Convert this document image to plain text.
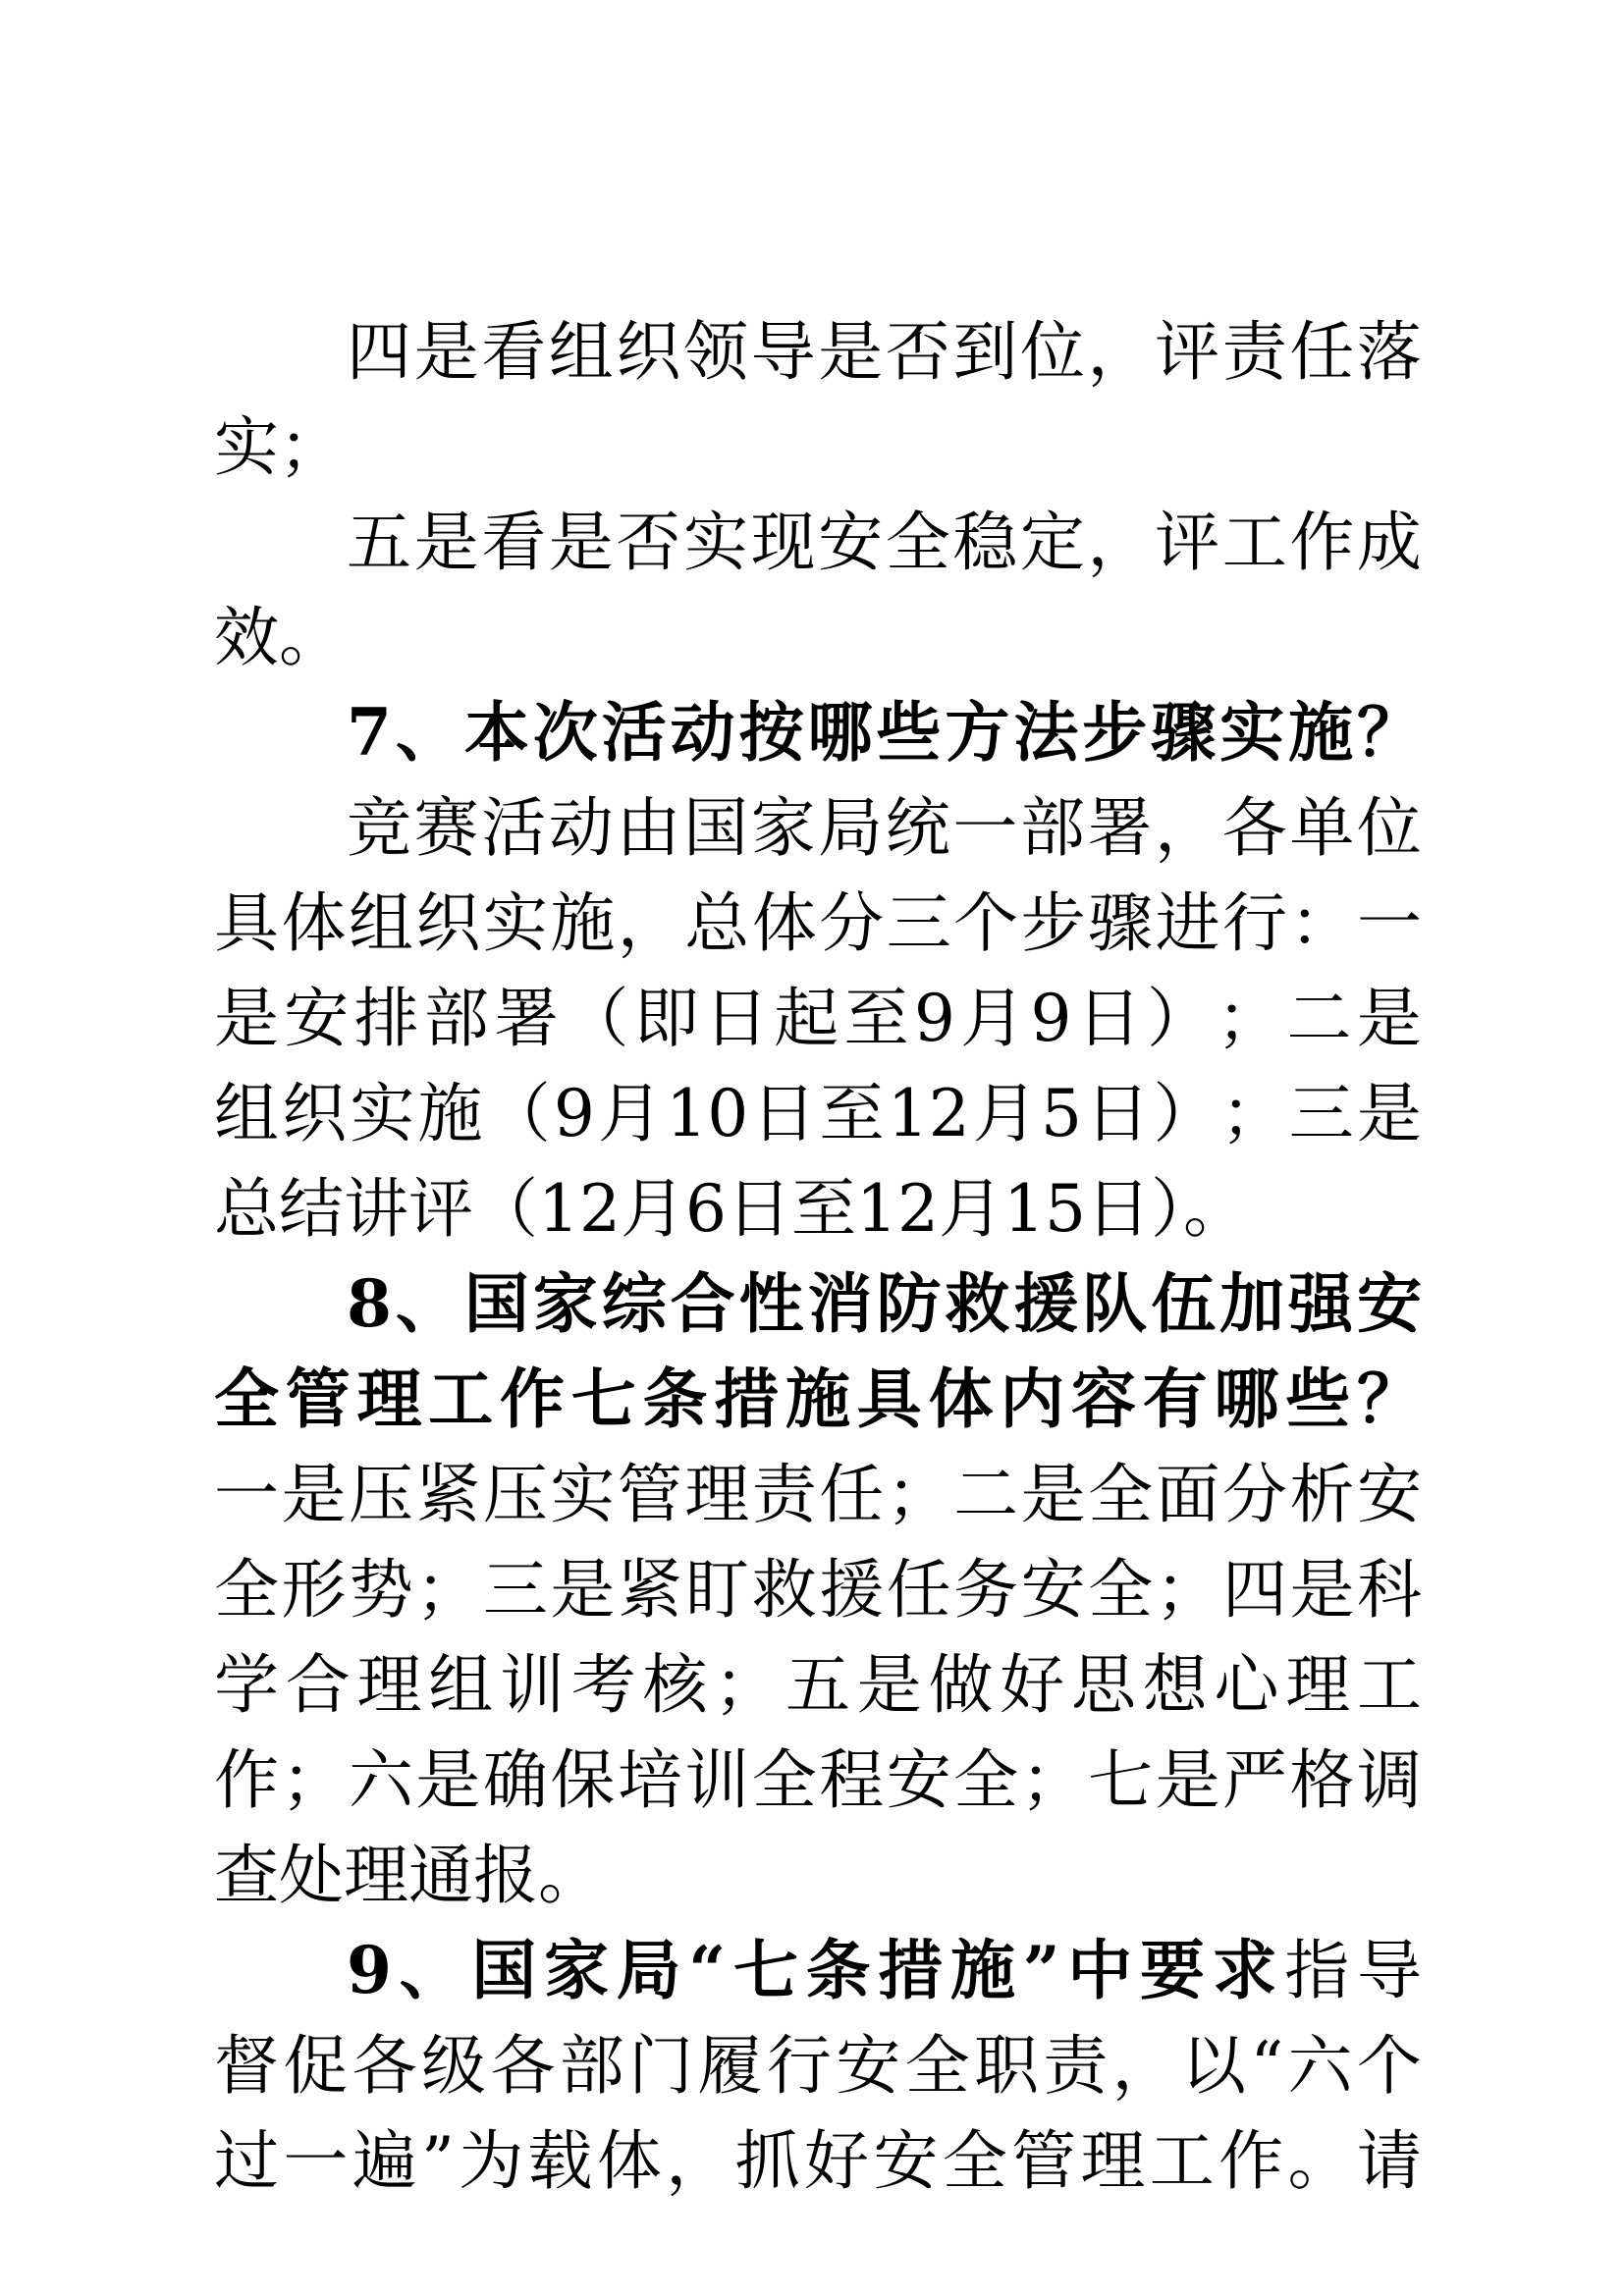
四 是 看 组 织 领 导 是 否 到 位 ， 评 责 任 落
实；
五 是 看 是 否 实 现 安 全 稳 定 ， 评 工 作 成
效。
7 、 本 次 活 动 按 哪 些 方 法 步 骤 实 施 ？
竞 赛 活 动 由 国 家 局 统 一 部 署 ， 各 单 位
具 体 组 织 实 施 ， 总 体 分 三 个 步 骤 进 行 ： 一
是 安 排 部 署 （ 即 日 起 至 9 月 9 日 ） ； 二 是
组 织 实 施 （ 9 月 10 日 至 12 月 5 日 ） ； 三 是
总结讲评（12月6日至12月15日）。
8 、 国 家 综 合 性 消 防 救 援 队 伍 加 强 安
全 管 理 工 作 七 条 措 施 具 体 内 容 有 哪 些 ？
一 是 压 紧 压 实 管 理 责 任 ； 二 是 全 面 分 析 安
全 形 势 ； 三 是 紧 盯 救 援 任 务 安 全 ； 四 是 科
学 合 理 组 训 考 核 ； 五 是 做 好 思 想 心 理 工
作 ； 六 是 确 保 培 训 全 程 安 全 ； 七 是 严 格 调
查处理通报。
9 、 国 家 局 “ 七 条 措 施 ” 中 要 求 指 导
督 促 各 级 各 部 门 履 行 安 全 职 责 ， 以 “ 六 个
过 一 遍 ” 为 载 体 ， 抓 好 安 全 管 理 工 作 。 请
